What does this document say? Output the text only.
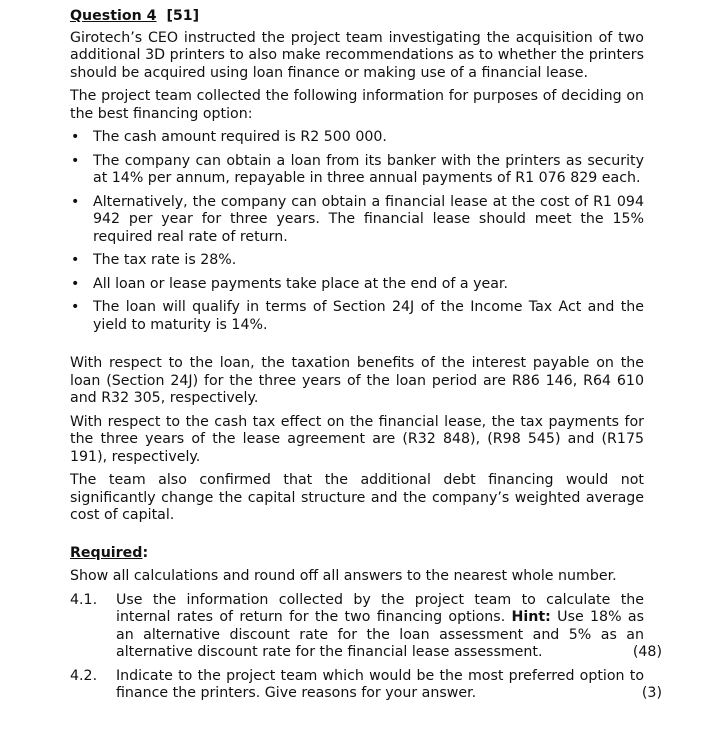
Question 4 [51]

Girotech’s CEO instructed the project team investigating the acquisition of two additional 3D printers to also make recommendations as to whether the printers should be acquired using loan finance or making use of a financial lease.

The project team collected the following information for purposes of deciding on the best financing option:

• The cash amount required is R2 500 000.
• The company can obtain a loan from its banker with the printers as security at 14% per annum, repayable in three annual payments of R1 076 829 each.
• Alternatively, the company can obtain a financial lease at the cost of R1 094 942 per year for three years. The financial lease should meet the 15% required real rate of return.
• The tax rate is 28%.
• All loan or lease payments take place at the end of a year.
• The loan will qualify in terms of Section 24J of the Income Tax Act and the yield to maturity is 14%.

With respect to the loan, the taxation benefits of the interest payable on the loan (Section 24J) for the three years of the loan period are R86 146, R64 610 and R32 305, respectively.

With respect to the cash tax effect on the financial lease, the tax payments for the three years of the lease agreement are (R32 848), (R98 545) and (R175 191), respectively.

The team also confirmed that the additional debt financing would not significantly change the capital structure and the company’s weighted average cost of capital.

Required:

Show all calculations and round off all answers to the nearest whole number.

4.1. Use the information collected by the project team to calculate the internal rates of return for the two financing options. Hint: Use 18% as an alternative discount rate for the loan assessment and 5% as an alternative discount rate for the financial lease assessment.	(48)
4.2. Indicate to the project team which would be the most preferred option to finance the printers. Give reasons for your answer.	(3)
